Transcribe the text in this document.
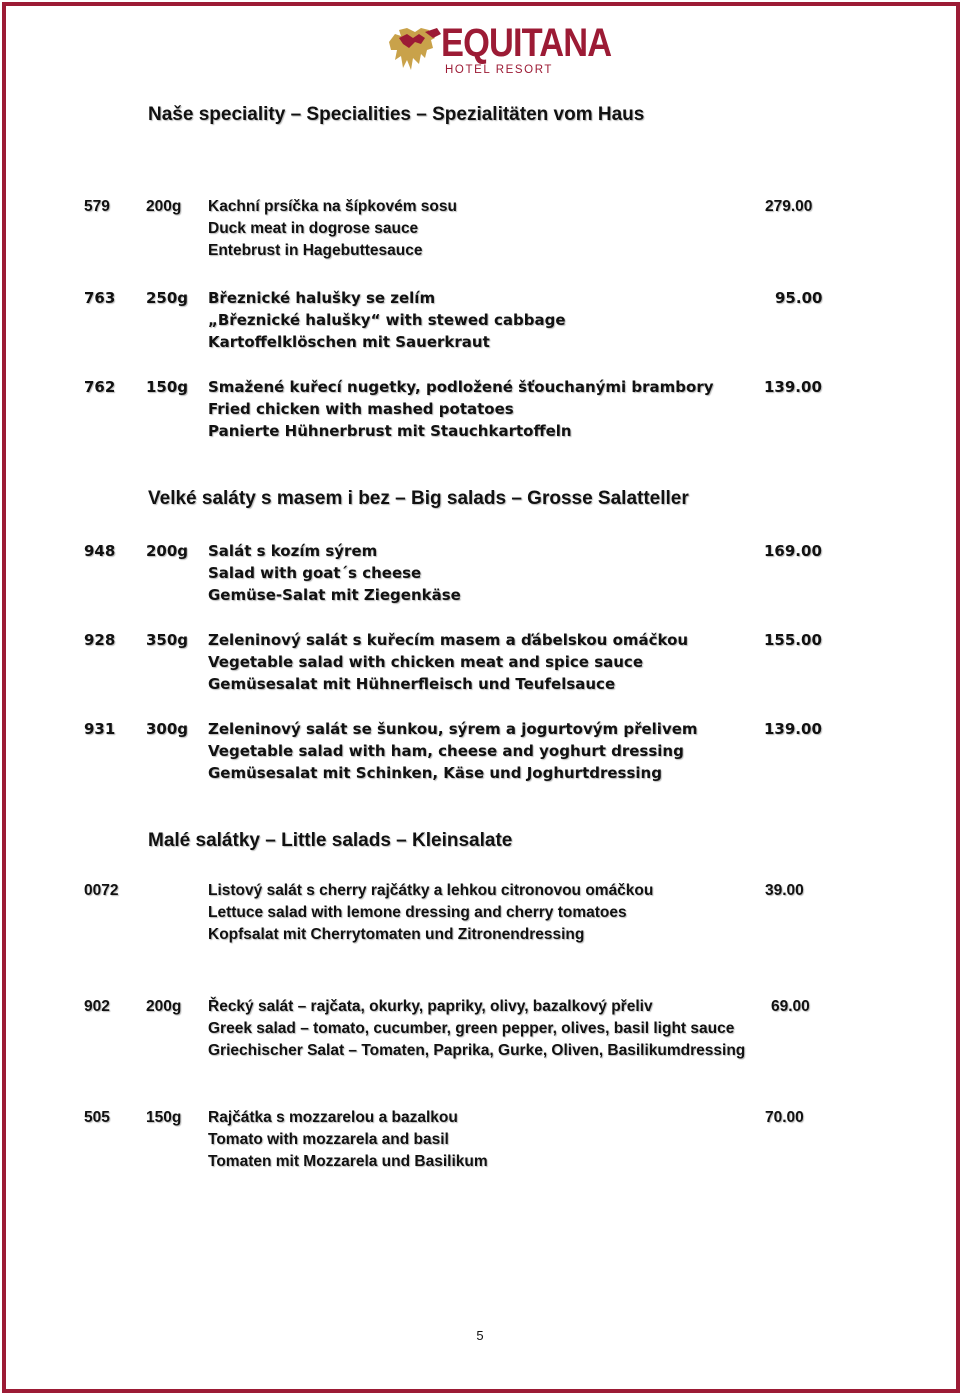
EQUITANA
HOTEL RESORT
Naše speciality – Specialities – Spezialitäten vom Haus
579 200g Kachní prsíčka na šípkovém sosu
Duck meat in dogrose sauce
Entebrust in Hagebuttesauce
279.00
763 250g Březnické halušky se zelím
„Březnické halušky“ with stewed cabbage
Kartoffelklöschen mit Sauerkraut
95.00
762 150g Smažené kuřecí nugetky, podložené šťouchanými brambory
Fried chicken with mashed potatoes
Panierte Hühnerbrust mit Stauchkartoffeln
139.00
Velké saláty s masem i bez – Big salads – Grosse Salatteller
948 200g Salát s kozím sýrem
Salad with goat´s cheese
Gemüse-Salat mit Ziegenkäse
169.00
928 350g Zeleninový salát s kuřecím masem a ďábelskou omáčkou
Vegetable salad with chicken meat and spice sauce
Gemüsesalat mit Hühnerfleisch und Teufelsauce
155.00
931 300g Zeleninový salát se šunkou, sýrem a jogurtovým přelivem
Vegetable salad with ham, cheese and yoghurt dressing
Gemüsesalat mit Schinken, Käse und Joghurtdressing
139.00
Malé salátky – Little salads – Kleinsalate
0072	Listový salát s cherry rajčátky a lehkou citronovou omáčkou
Lettuce salad with lemone dressing and cherry tomatoes
Kopfsalat mit Cherrytomaten und Zitronendressing
39.00
902 200g Řecký salát – rajčata, okurky, papriky, olivy, bazalkový přeliv
Greek salad – tomato, cucumber, green pepper, olives, basil light sauce
Griechischer Salat – Tomaten, Paprika, Gurke, Oliven, Basilikumdressing
69.00
505 150g Rajčátka s mozzarelou a bazalkou
Tomato with mozzarela and basil
Tomaten mit Mozzarela und Basilikum
70.00
5
